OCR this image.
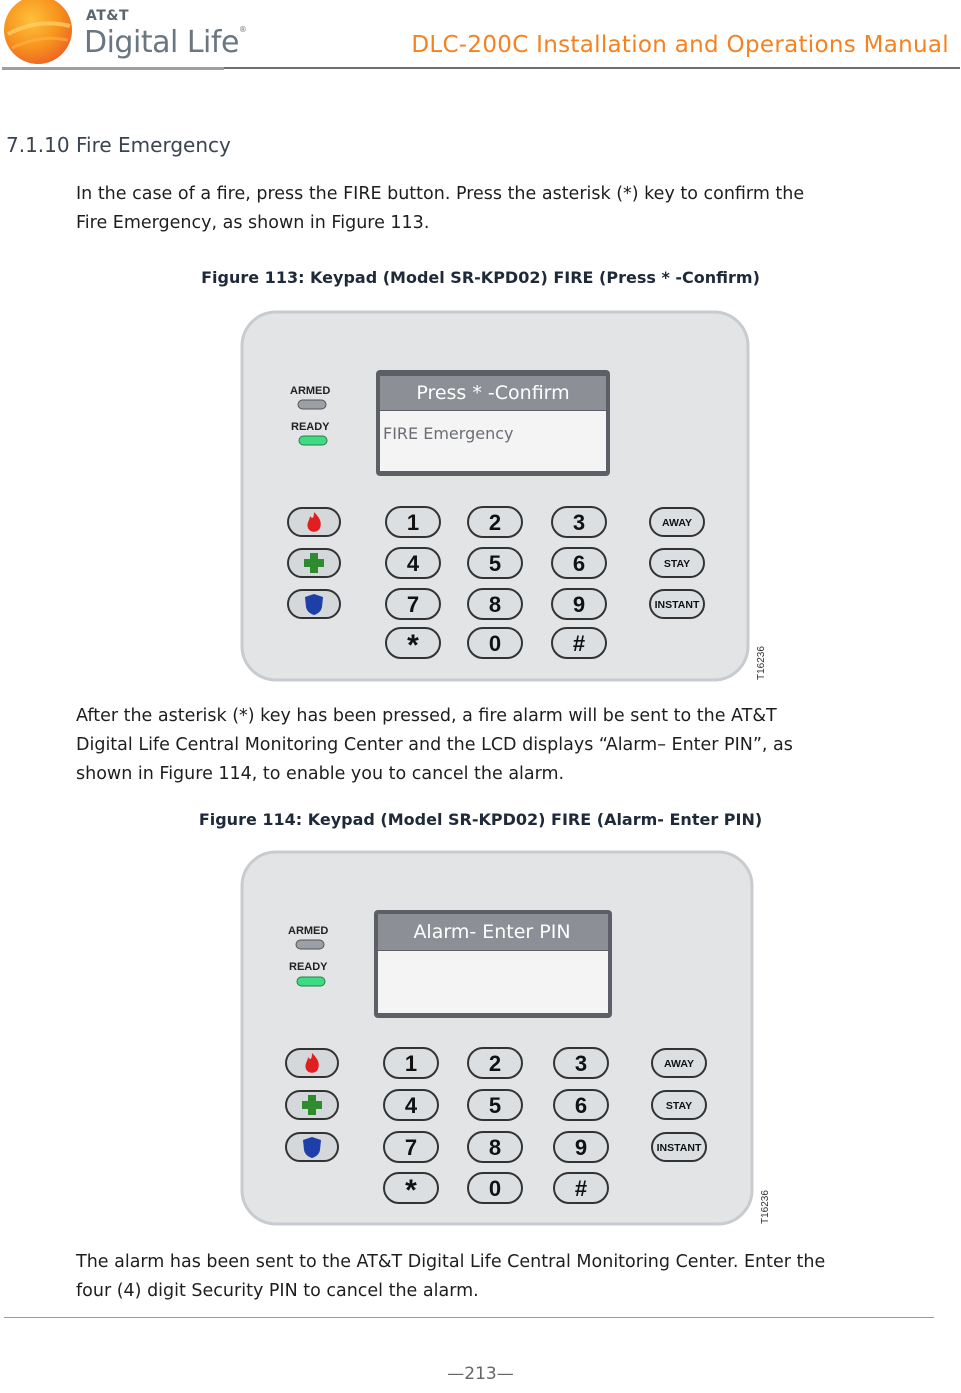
AT&T
Digital Life®
DLC-200C Installation and Operations Manual
7.1.10 Fire Emergency

In the case of a fire, press the FIRE button. Press the asterisk (*) key to confirm the

Fire Emergency, as shown in Figure 113.

Figure 113: Keypad (Model SR-KPD02) FIRE (Press * -Confirm)
ARMED
READY
Press * -Confirm
FIRE Emergency
1	2	3
4	5	6
7	8	9
*	0	#
AWAY
STAY
INSTANT
T16236

After the asterisk (*) key has been pressed, a fire alarm will be sent to the AT&T

Digital Life Central Monitoring Center and the LCD displays “Alarm– Enter PIN”, as

shown in Figure 114, to enable you to cancel the alarm.

Figure 114: Keypad (Model SR-KPD02) FIRE (Alarm- Enter PIN)
ARMED
READY
Alarm- Enter PIN
1	2	3
4	5	6
7	8	9
*	0	#
AWAY
STAY
INSTANT
T16236

The alarm has been sent to the AT&T Digital Life Central Monitoring Center. Enter the

four (4) digit Security PIN to cancel the alarm.

—213—
